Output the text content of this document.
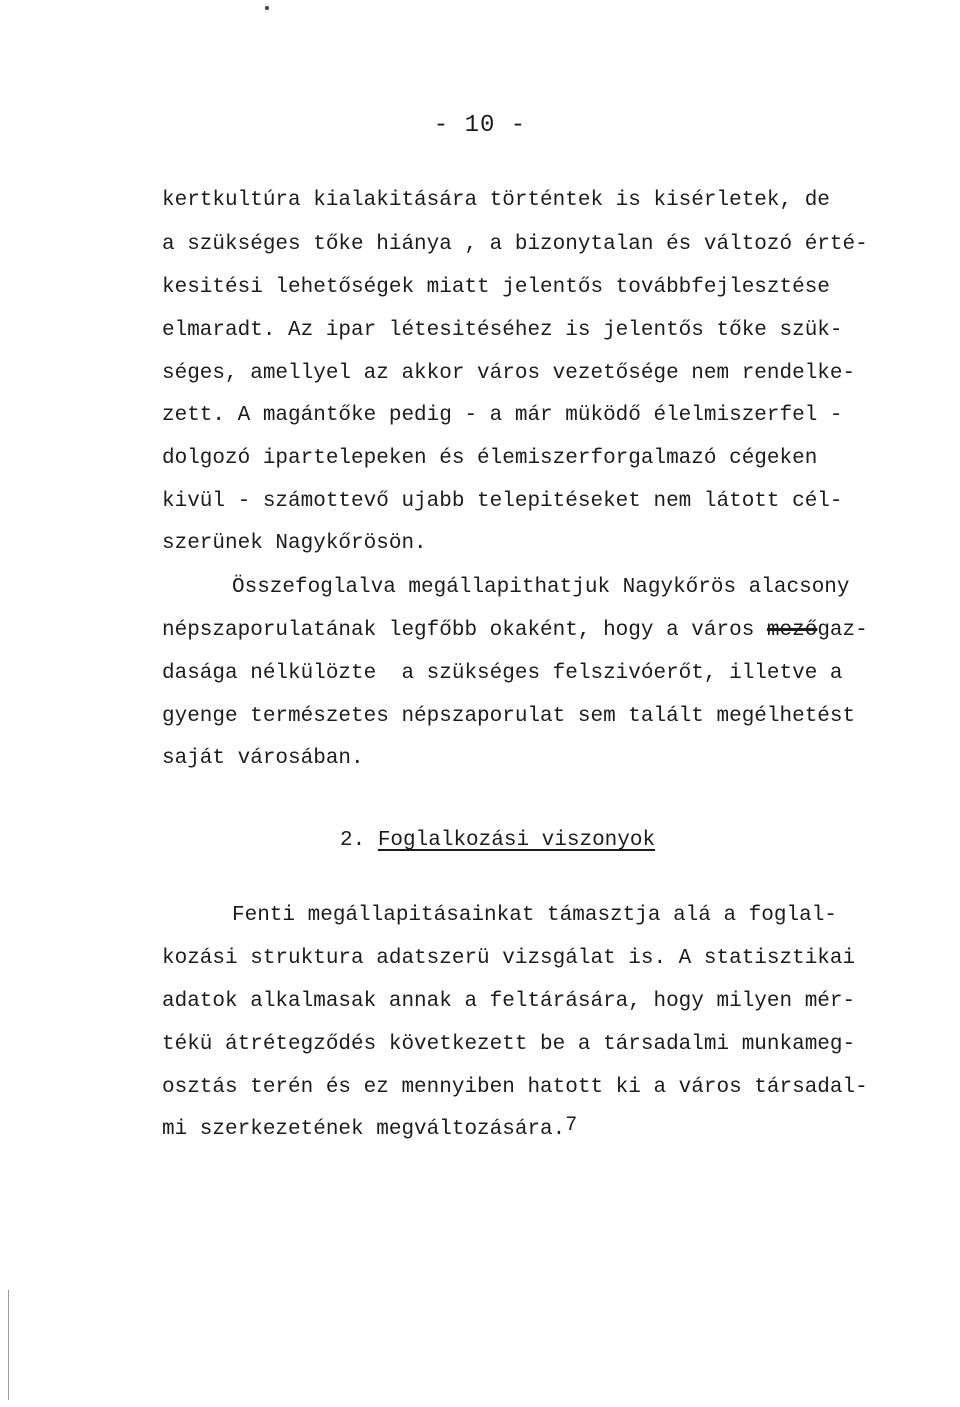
- 10 -
kertkultúra kialakitására történtek is kisérletek, de
a szükséges tőke hiánya , a bizonytalan és változó érté-
kesitési lehetőségek miatt jelentős továbbfejlesztése
elmaradt. Az ipar létesitéséhez is jelentős tőke szük-
séges, amellyel az akkor város vezetősége nem rendelke-
zett. A magántőke pedig - a már müködő élelmiszerfel -
dolgozó ipartelepeken és élemiszerforgalmazó cégeken
kivül - számottevő ujabb telepitéseket nem látott cél-
szerünek Nagykőrösön.
Összefoglalva megállapithatjuk Nagykőrös alacsony
népszaporulatának legfőbb okaként, hogy a város mezőgaz-
dasága nélkülözte  a szükséges felszivóerőt, illetve a
gyenge természetes népszaporulat sem talált megélhetést
saját városában.
2. Foglalkozási viszonyok
Fenti megállapitásainkat támasztja alá a foglal-
kozási struktura adatszerü vizsgálat is. A statisztikai
adatok alkalmasak annak a feltárására, hogy milyen mér-
tékü átrétegződés következett be a társadalmi munkameg-
osztás terén és ez mennyiben hatott ki a város társadal-
mi szerkezetének megváltozására.$^7$
